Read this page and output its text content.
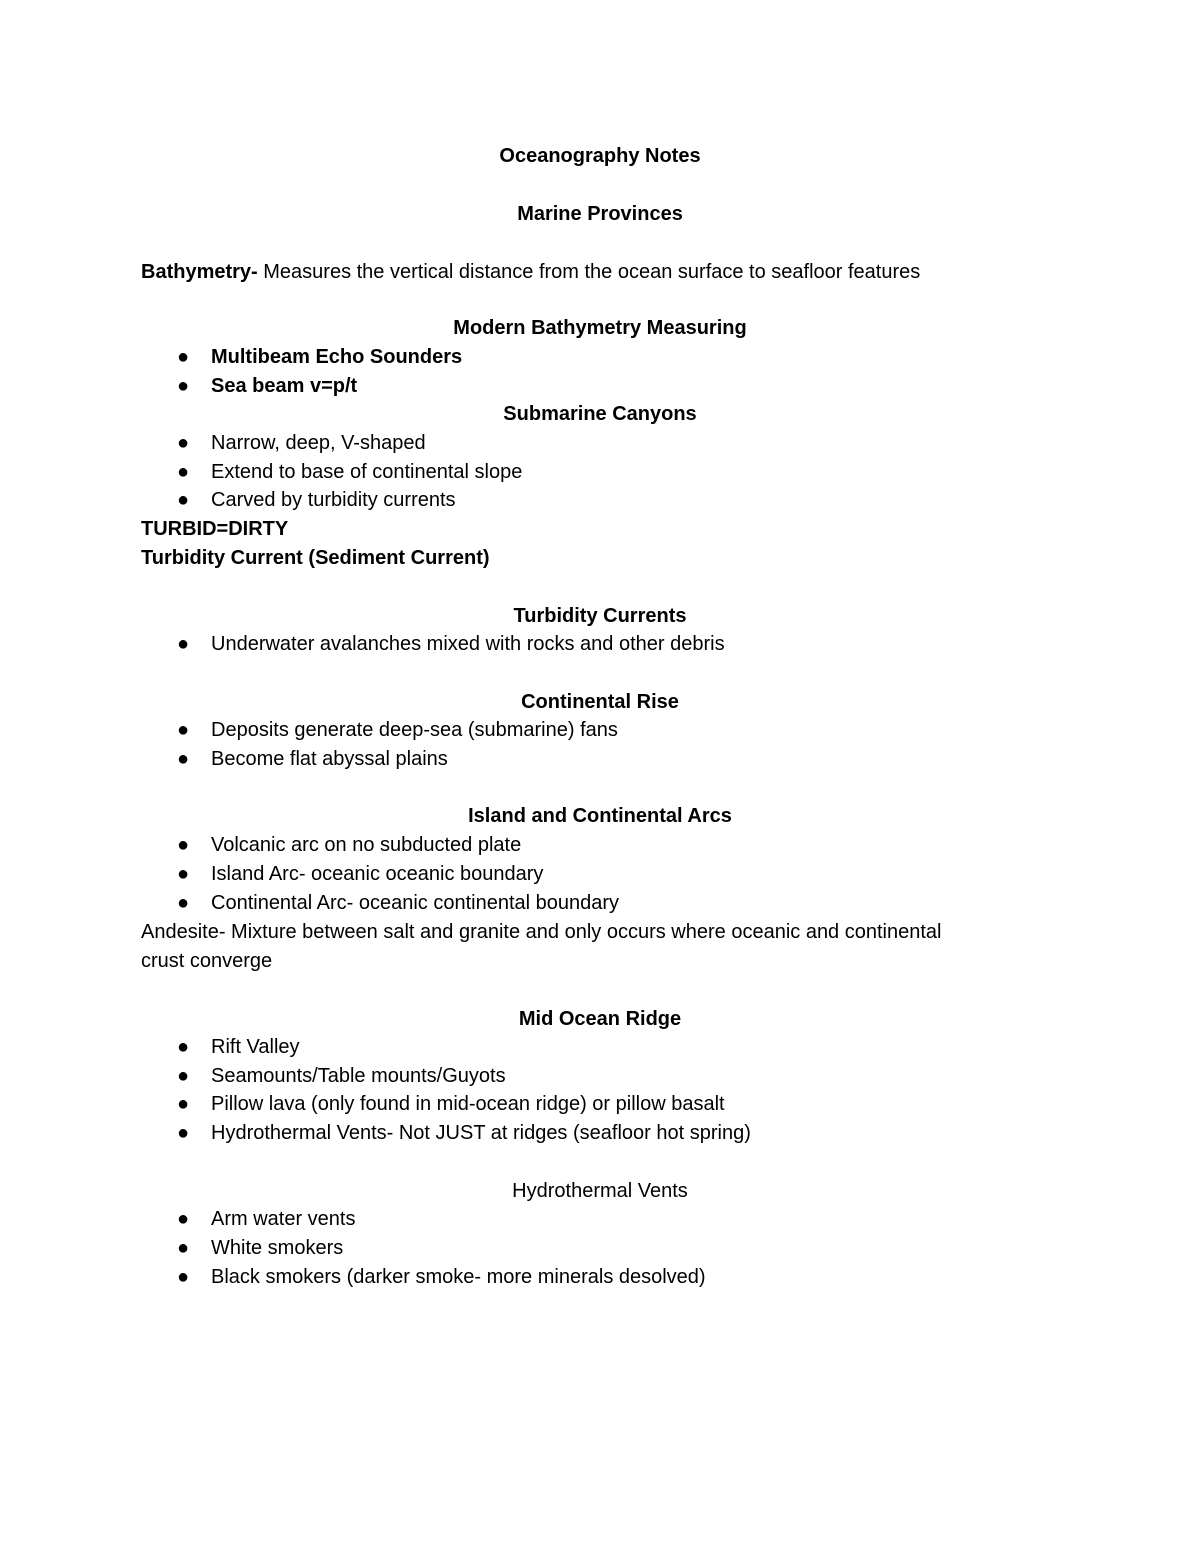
Oceanography Notes
Marine Provinces
Bathymetry- Measures the vertical distance from the ocean surface to seafloor features
Modern Bathymetry Measuring
● Multibeam Echo Sounders
● Sea beam v=p/t
Submarine Canyons
● Narrow, deep, V-shaped
● Extend to base of continental slope
● Carved by turbidity currents
TURBID=DIRTY
Turbidity Current (Sediment Current)
Turbidity Currents
● Underwater avalanches mixed with rocks and other debris
Continental Rise
● Deposits generate deep-sea (submarine) fans
● Become flat abyssal plains
Island and Continental Arcs
● Volcanic arc on no subducted plate
● Island Arc- oceanic oceanic boundary
● Continental Arc- oceanic continental boundary
Andesite- Mixture between salt and granite and only occurs where oceanic and continental
crust converge
Mid Ocean Ridge
● Rift Valley
● Seamounts/Table mounts/Guyots
● Pillow lava (only found in mid-ocean ridge) or pillow basalt
● Hydrothermal Vents- Not JUST at ridges (seafloor hot spring)
Hydrothermal Vents
● Arm water vents
● White smokers
● Black smokers (darker smoke- more minerals desolved)
